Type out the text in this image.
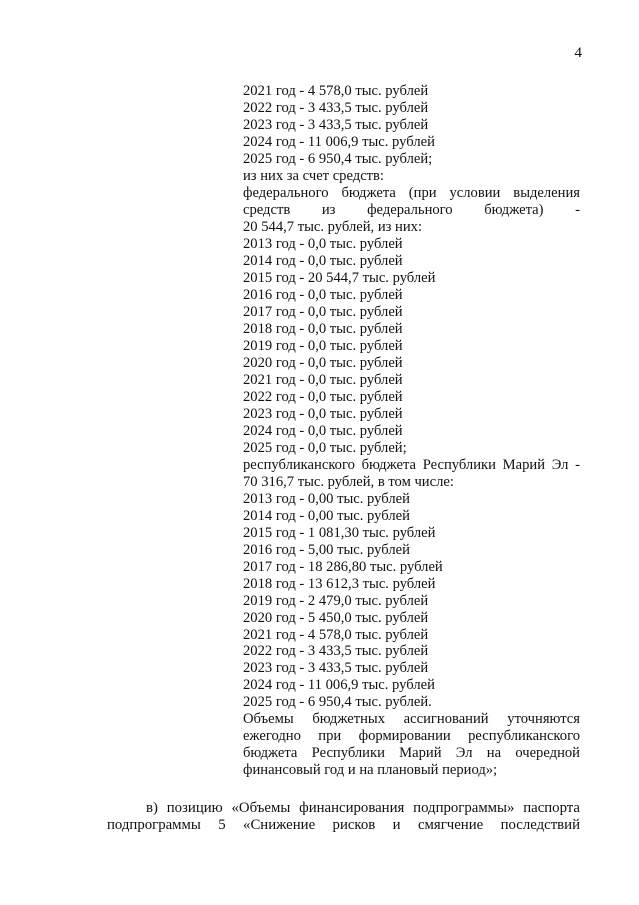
4
2021 год - 4 578,0 тыс. рублей
2022 год - 3 433,5 тыс. рублей
2023 год - 3 433,5 тыс. рублей
2024 год - 11 006,9 тыс. рублей
2025 год - 6 950,4 тыс. рублей;
из них за счет средств:
федерального бюджета (при условии выделения
средств из федерального бюджета) -
20 544,7 тыс. рублей, из них:
2013 год - 0,0 тыс. рублей
2014 год - 0,0 тыс. рублей
2015 год - 20 544,7 тыс. рублей
2016 год - 0,0 тыс. рублей
2017 год - 0,0 тыс. рублей
2018 год - 0,0 тыс. рублей
2019 год - 0,0 тыс. рублей
2020 год - 0,0 тыс. рублей
2021 год - 0,0 тыс. рублей
2022 год - 0,0 тыс. рублей
2023 год - 0,0 тыс. рублей
2024 год - 0,0 тыс. рублей
2025 год - 0,0 тыс. рублей;
республиканского бюджета Республики Марий Эл -
70 316,7 тыс. рублей, в том числе:
2013 год - 0,00 тыс. рублей
2014 год - 0,00 тыс. рублей
2015 год - 1 081,30 тыс. рублей
2016 год - 5,00 тыс. рублей
2017 год - 18 286,80 тыс. рублей
2018 год - 13 612,3 тыс. рублей
2019 год - 2 479,0 тыс. рублей
2020 год - 5 450,0 тыс. рублей
2021 год - 4 578,0 тыс. рублей
2022 год - 3 433,5 тыс. рублей
2023 год - 3 433,5 тыс. рублей
2024 год - 11 006,9 тыс. рублей
2025 год - 6 950,4 тыс. рублей.
Объемы бюджетных ассигнований уточняются
ежегодно при формировании республиканского
бюджета Республики Марий Эл на очередной
финансовый год и на плановый период»;
в) позицию «Объемы финансирования подпрограммы» паспорта
подпрограммы 5 «Снижение рисков и смягчение последствий
